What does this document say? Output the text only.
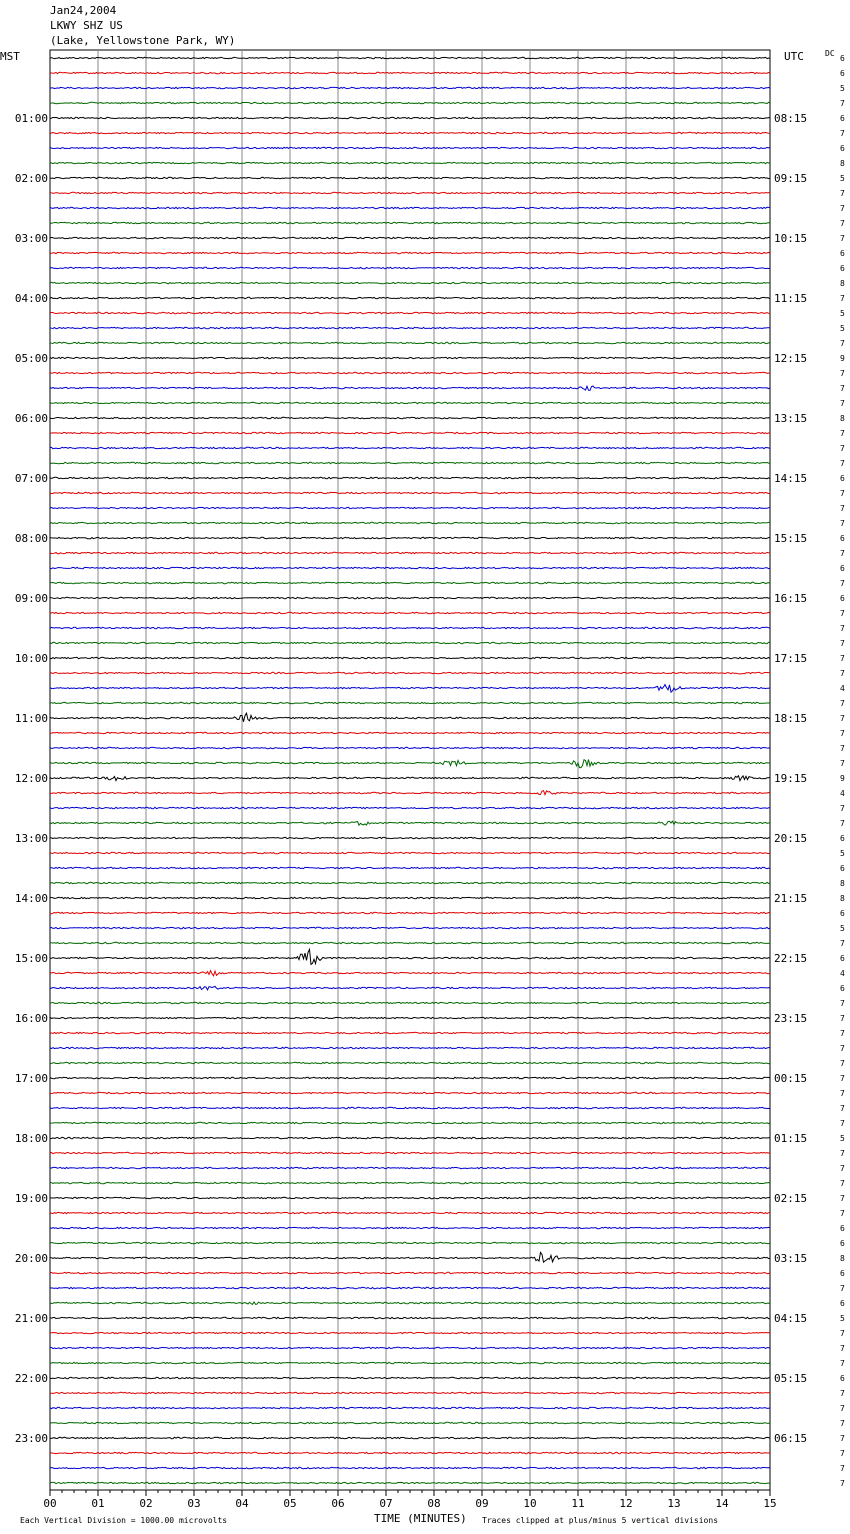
Jan24,2004
LKWY SHZ US
(Lake, Yellowstone Park, WY)
MST	UTC	DC
01:00
02:00
03:00
04:00
05:00
06:00
07:00
08:00
09:00
10:00
11:00
12:00
13:00
14:00
15:00
16:00
17:00
18:00
19:00
20:00
21:00
22:00
23:00
08:15
09:15
10:15
11:15
12:15
13:15
14:15
15:15
16:15
17:15
18:15
19:15
20:15
21:15
22:15
23:15
00:15
01:15
02:15
03:15
04:15
05:15
06:15
6
6
5
7
6
7
6
8
5
7
7
7
7
6
6
8
7
5
5
7
9
7
7
7
8
7
7
7
6
7
7
7
6
7
6
7
6
7
7
7
7
7
4
7
7
7
7
7
9
4
7
7
6
5
6
8
8
6
5
7
6
4
6
7
7
7
7
7
7
7
7
7
5
7
7
7
7
7
6
6
8
6
7
6
5
7
7
7
6
7
7
7
7
7
7
7
00	01	02	03	04	05	06	07	08	09	10	11	12	13	14	15
Each Vertical Division = 1000.00 microvolts	TIME (MINUTES) Traces clipped at plus/minus 5 vertical divisions
